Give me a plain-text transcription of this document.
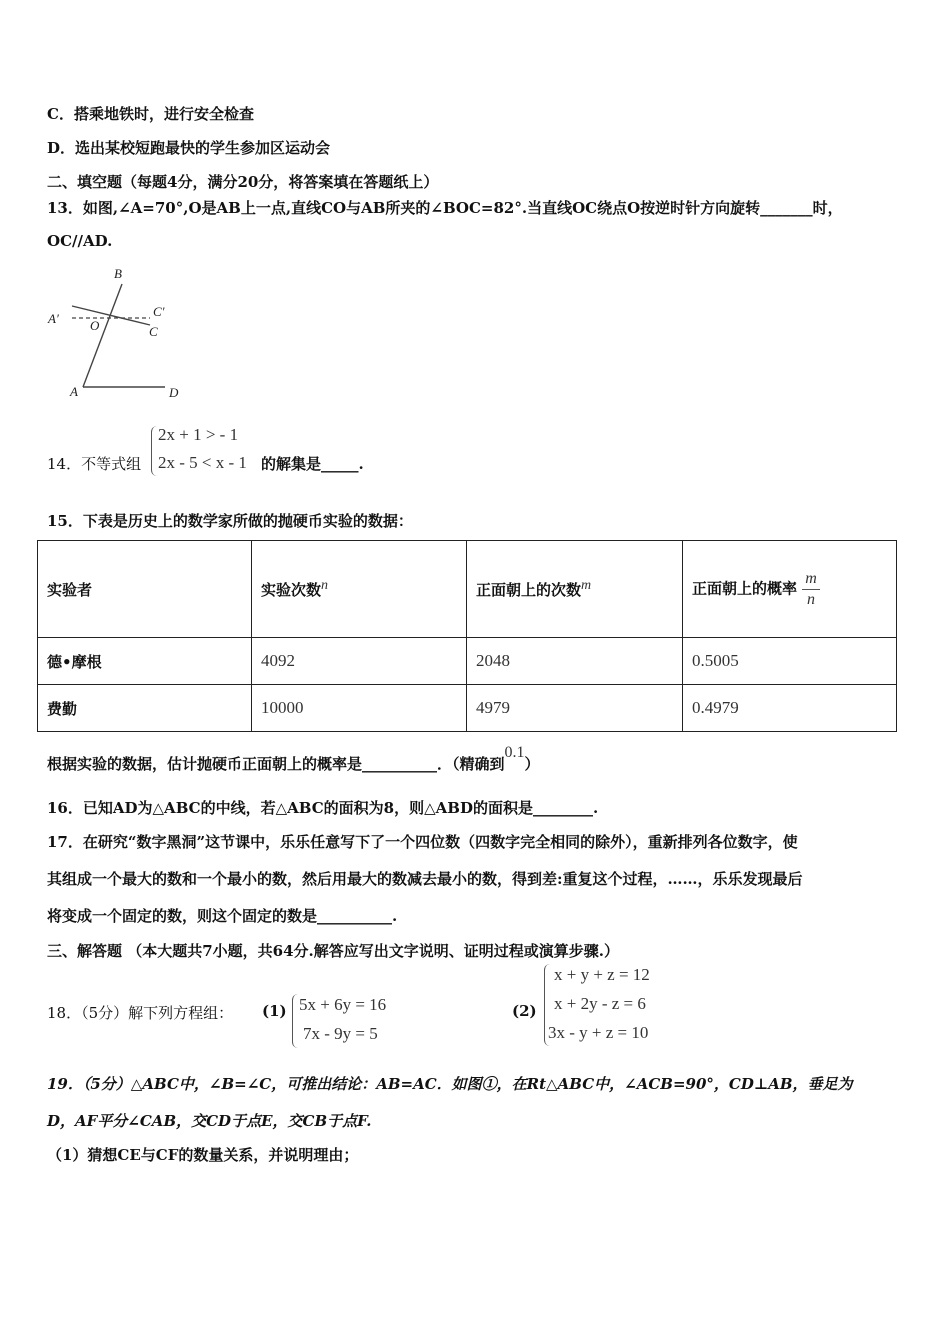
C．搭乘地铁时，进行安全检查
D．选出某校短跑最快的学生参加区运动会
二、填空题（每题4分，满分20分，将答案填在答题纸上）
13．如图,∠A=70°,O是AB上一点,直线CO与AB所夹的∠BOC=82°.当直线OC绕点O按逆时针方向旋转_______时，
OC//AD.
B
A′ O
C′
C
A	D
14．不等式组
2x + 1 > - 1
2x - 5 < x - 1 的解集是_____.
15．下表是历史上的数学家所做的抛硬币实验的数据：
实验者	实验次数$^n$	正面朝上的次数$^m$	正面朝上的概率 $\frac{m}{n}$

德•摩根	4092	2048	0.5005
费勤	10000	4979	0.4979
根据实验的数据，估计抛硬币正面朝上的概率是__________．（精确到$^{0.1}$）
16．已知AD为△ABC的中线，若△ABC的面积为8，则△ABD的面积是________.
17．在研究“数字黑洞”这节课中，乐乐任意写下了一个四位数（四数字完全相同的除外），重新排列各位数字，使
其组成一个最大的数和一个最小的数，然后用最大的数减去最小的数，得到差:重复这个过程，……，乐乐发现最后
将变成一个固定的数，则这个固定的数是__________.
三、解答题 （本大题共7小题，共64分.解答应写出文字说明、证明过程或演算步骤.）
18．（5分）解下列方程组： (1) 5x + 6y = 16
7x - 9y = 5
(2)
x + y + z = 12
x + 2y - z = 6
3x - y + z = 10
19．（5分）△ABC中，∠B=∠C，可推出结论：AB=AC．如图①，在Rt△ABC中，∠ACB=90°，CD⊥AB，垂足为
D，AF平分∠CAB，交CD于点E，交CB于点F.
（1）猜想CE与CF的数量关系，并说明理由；
